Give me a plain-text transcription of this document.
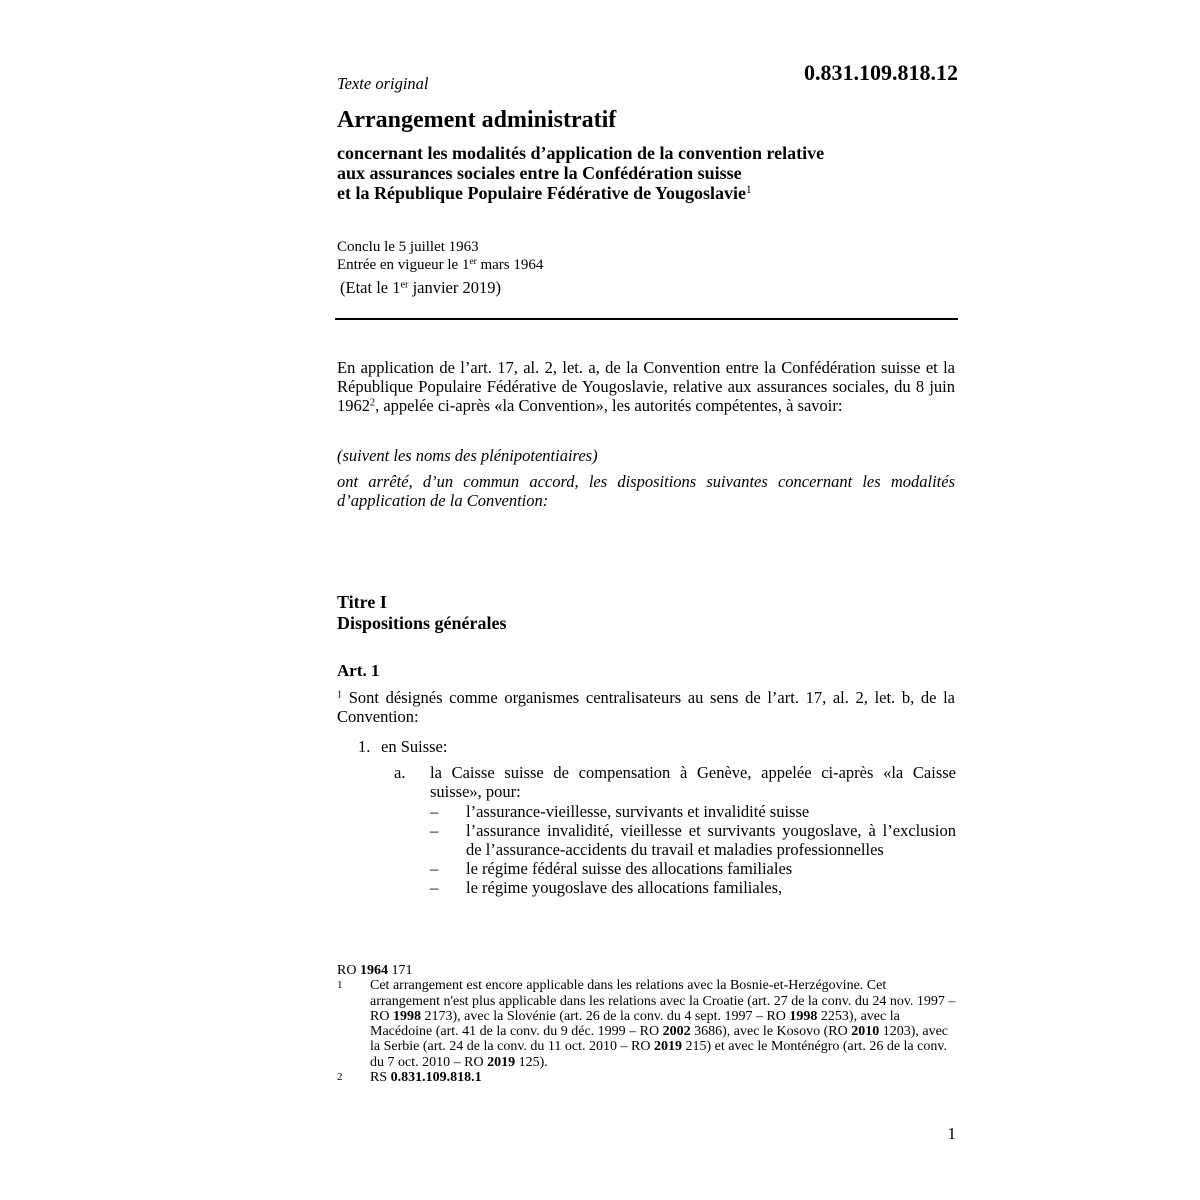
0.831.109.818.12
Texte original
Arrangement administratif
concernant les modalités d’application de la convention relative
aux assurances sociales entre la Confédération suisse
et la République Populaire Fédérative de Yougoslavie$^1$
Conclu le 5 juillet 1963
Entrée en vigueur le 1er mars 1964
(Etat le 1er janvier 2019)
En application de l’art. 17, al. 2, let. a, de la Convention entre la Confédération suisse et la République Populaire Fédérative de Yougoslavie, relative aux assurances sociales, du 8 juin 1962$^2$, appelée ci-après «la Convention», les autorités compétentes, à savoir:
(suivent les noms des plénipotentiaires)
ont arrêté, d’un commun accord, les dispositions suivantes concernant les modalités d’application de la Convention:
Titre I
Dispositions générales
Art. 1
$^1$ Sont désignés comme organismes centralisateurs au sens de l’art. 17, al. 2, let. b, de la Convention:
1. en Suisse:
a. la Caisse suisse de compensation à Genève, appelée ci-après «la Caisse suisse», pour:
– l’assurance-vieillesse, survivants et invalidité suisse
– l’assurance invalidité, vieillesse et survivants yougoslave, à l’exclusion de l’assurance-accidents du travail et maladies professionnelles
– le régime fédéral suisse des allocations familiales
– le régime yougoslave des allocations familiales,
RO 1964 171
1 Cet arrangement est encore applicable dans les relations avec la Bosnie-et-Herzégovine. Cet arrangement n'est plus applicable dans les relations avec la Croatie (art. 27 de la conv. du 24 nov. 1997 – RO 1998 2173), avec la Slovénie (art. 26 de la conv. du 4 sept. 1997 – RO 1998 2253), avec la Macédoine (art. 41 de la conv. du 9 déc. 1999 – RO 2002 3686), avec le Kosovo (RO 2010 1203), avec la Serbie (art. 24 de la conv. du 11 oct. 2010 – RO 2019 215) et avec le Monténégro (art. 26 de la conv. du 7 oct. 2010 – RO 2019 125).
2 RS 0.831.109.818.1
1
